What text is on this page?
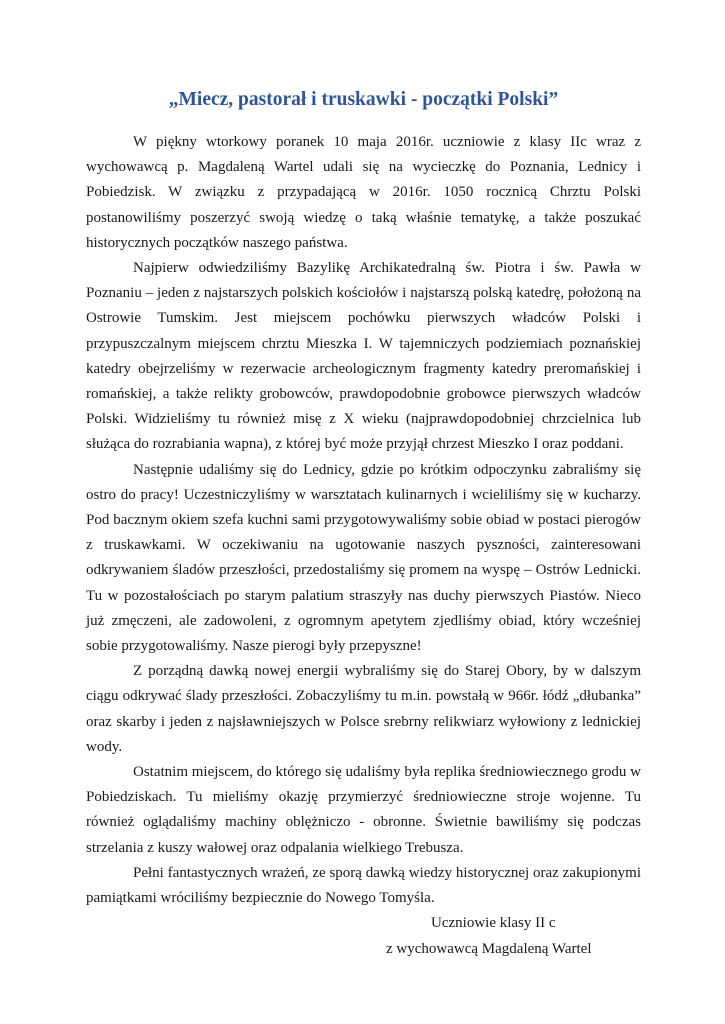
„Miecz, pastorał i truskawki - początki Polski”

W piękny wtorkowy poranek 10 maja 2016r. uczniowie z klasy IIc wraz z wychowawcą p. Magdaleną Wartel udali się na wycieczkę do Poznania, Lednicy i Pobiedzisk. W związku z przypadającą w 2016r. 1050 rocznicą Chrztu Polski postanowiliśmy poszerzyć swoją wiedzę o taką właśnie tematykę, a także poszukać historycznych początków naszego państwa.

Najpierw odwiedziliśmy Bazylikę Archikatedralną św. Piotra i św. Pawła w Poznaniu – jeden z najstarszych polskich kościołów i najstarszą polską katedrę, położoną na Ostrowie Tumskim. Jest miejscem pochówku pierwszych władców Polski i przypuszczalnym miejscem chrztu Mieszka I. W tajemniczych podziemiach poznańskiej katedry obejrzeliśmy w rezerwacie archeologicznym fragmenty katedry preromańskiej i romańskiej, a także relikty grobowców, prawdopodobnie grobowce pierwszych władców Polski. Widzieliśmy tu również misę z X wieku (najprawdopodobniej chrzcielnica lub służąca do rozrabiania wapna), z której być może przyjął chrzest Mieszko I oraz poddani.

Następnie udaliśmy się do Lednicy, gdzie po krótkim odpoczynku zabraliśmy się ostro do pracy! Uczestniczyliśmy w warsztatach kulinarnych i wcieliliśmy się w kucharzy. Pod bacznym okiem szefa kuchni sami przygotowywaliśmy sobie obiad w postaci pierogów z truskawkami. W oczekiwaniu na ugotowanie naszych pyszności, zainteresowani odkrywaniem śladów przeszłości, przedostaliśmy się promem na wyspę – Ostrów Lednicki. Tu w pozostałościach po starym palatium straszyły nas duchy pierwszych Piastów. Nieco już zmęczeni, ale zadowoleni, z ogromnym apetytem zjedliśmy obiad, który wcześniej sobie przygotowaliśmy. Nasze pierogi były przepyszne!

Z porządną dawką nowej energii wybraliśmy się do Starej Obory, by w dalszym ciągu odkrywać ślady przeszłości. Zobaczyliśmy tu m.in. powstałą w 966r. łódź „dłubanka” oraz skarby i jeden z najsławniejszych w Polsce srebrny relikwiarz wyłowiony z lednickiej wody.

Ostatnim miejscem, do którego się udaliśmy była replika średniowiecznego grodu w Pobiedziskach. Tu mieliśmy okazję przymierzyć średniowieczne stroje wojenne. Tu również oglądaliśmy machiny oblężniczo - obronne. Świetnie bawiliśmy się podczas strzelania z kuszy wałowej oraz odpalania wielkiego Trebusza.

Pełni fantastycznych wrażeń, ze sporą dawką wiedzy historycznej oraz zakupionymi pamiątkami wróciliśmy bezpiecznie do Nowego Tomyśla.

Uczniowie klasy II c

z wychowawcą Magdaleną Wartel
